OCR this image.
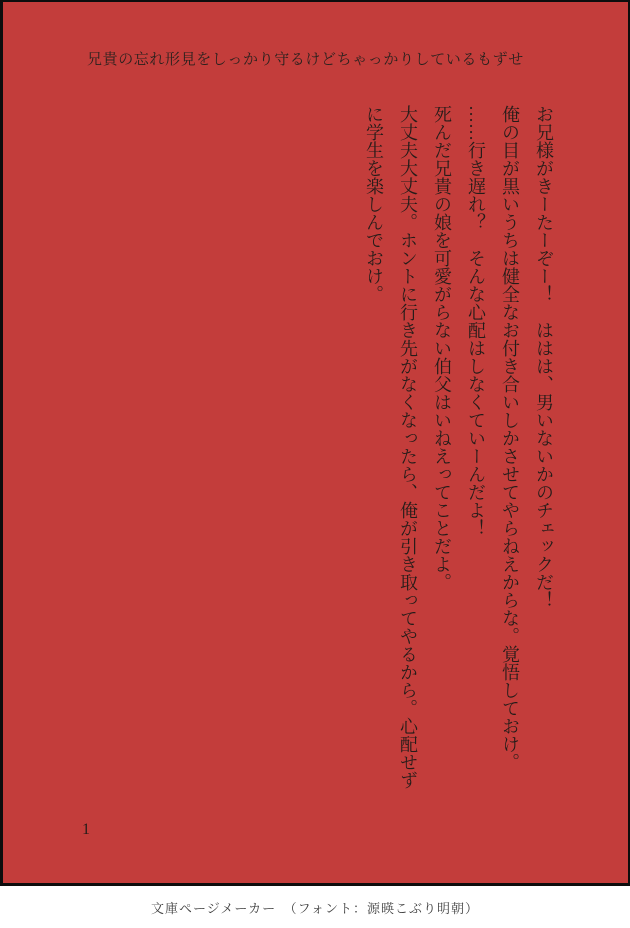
兄貴の忘れ形見をしっかり守るけどちゃっかりしているもずせ

お兄様がきーたーぞー！　ははは、男いないかのチェックだ！

俺の目が黒いうちは健全なお付き合いしかさせてやらねえからな。覚悟しておけ。

……行き遅れ？　そんな心配はしなくていーんだよ！

死んだ兄貴の娘を可愛がらない伯父はいねえってことだよ。

大丈夫大丈夫。ホントに行き先がなくなったら、俺が引き取ってやるから。心配せずに学生を楽しんでおけ。

1
文庫ページメーカー　（フォント：源暎こぶり明朝）
